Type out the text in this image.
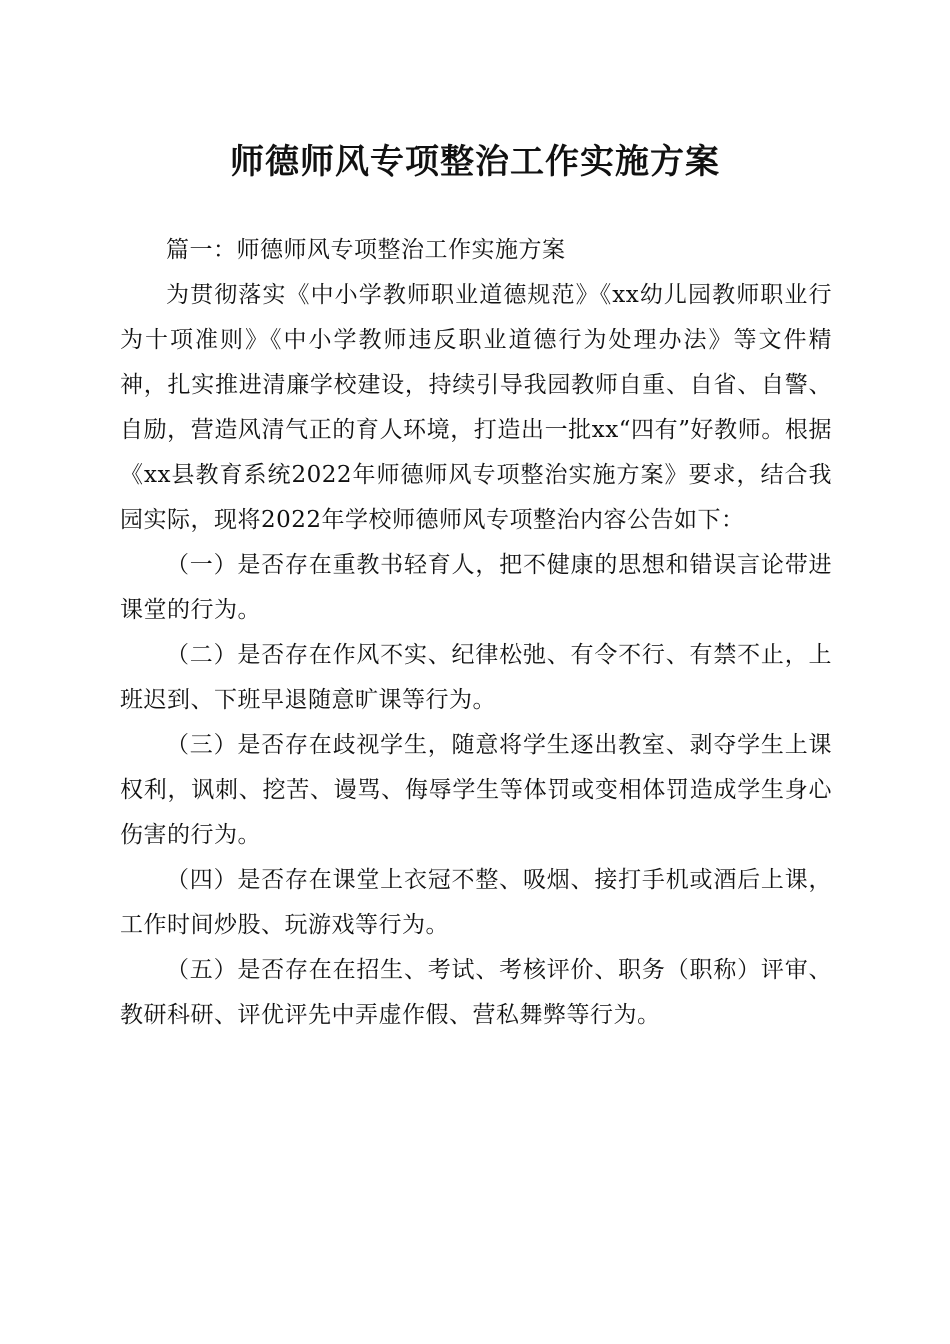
师德师风专项整治工作实施方案

篇一：师德师风专项整治工作实施方案

为贯彻落实《中小学教师职业道德规范》《xx幼儿园教师职业行为十项准则》《中小学教师违反职业道德行为处理办法》等文件精神，扎实推进清廉学校建设，持续引导我园教师自重、自省、自警、自励，营造风清气正的育人环境，打造出一批xx“四有”好教师。根据《xx县教育系统2022年师德师风专项整治实施方案》要求，结合我园实际，现将2022年学校师德师风专项整治内容公告如下：

（一）是否存在重教书轻育人，把不健康的思想和错误言论带进课堂的行为。

（二）是否存在作风不实、纪律松弛、有令不行、有禁不止，上班迟到、下班早退随意旷课等行为。

（三）是否存在歧视学生，随意将学生逐出教室、剥夺学生上课权利，讽刺、挖苦、谩骂、侮辱学生等体罚或变相体罚造成学生身心伤害的行为。

（四）是否存在课堂上衣冠不整、吸烟、接打手机或酒后上课，工作时间炒股、玩游戏等行为。

（五）是否存在在招生、考试、考核评价、职务（职称）评审、教研科研、评优评先中弄虚作假、营私舞弊等行为。
